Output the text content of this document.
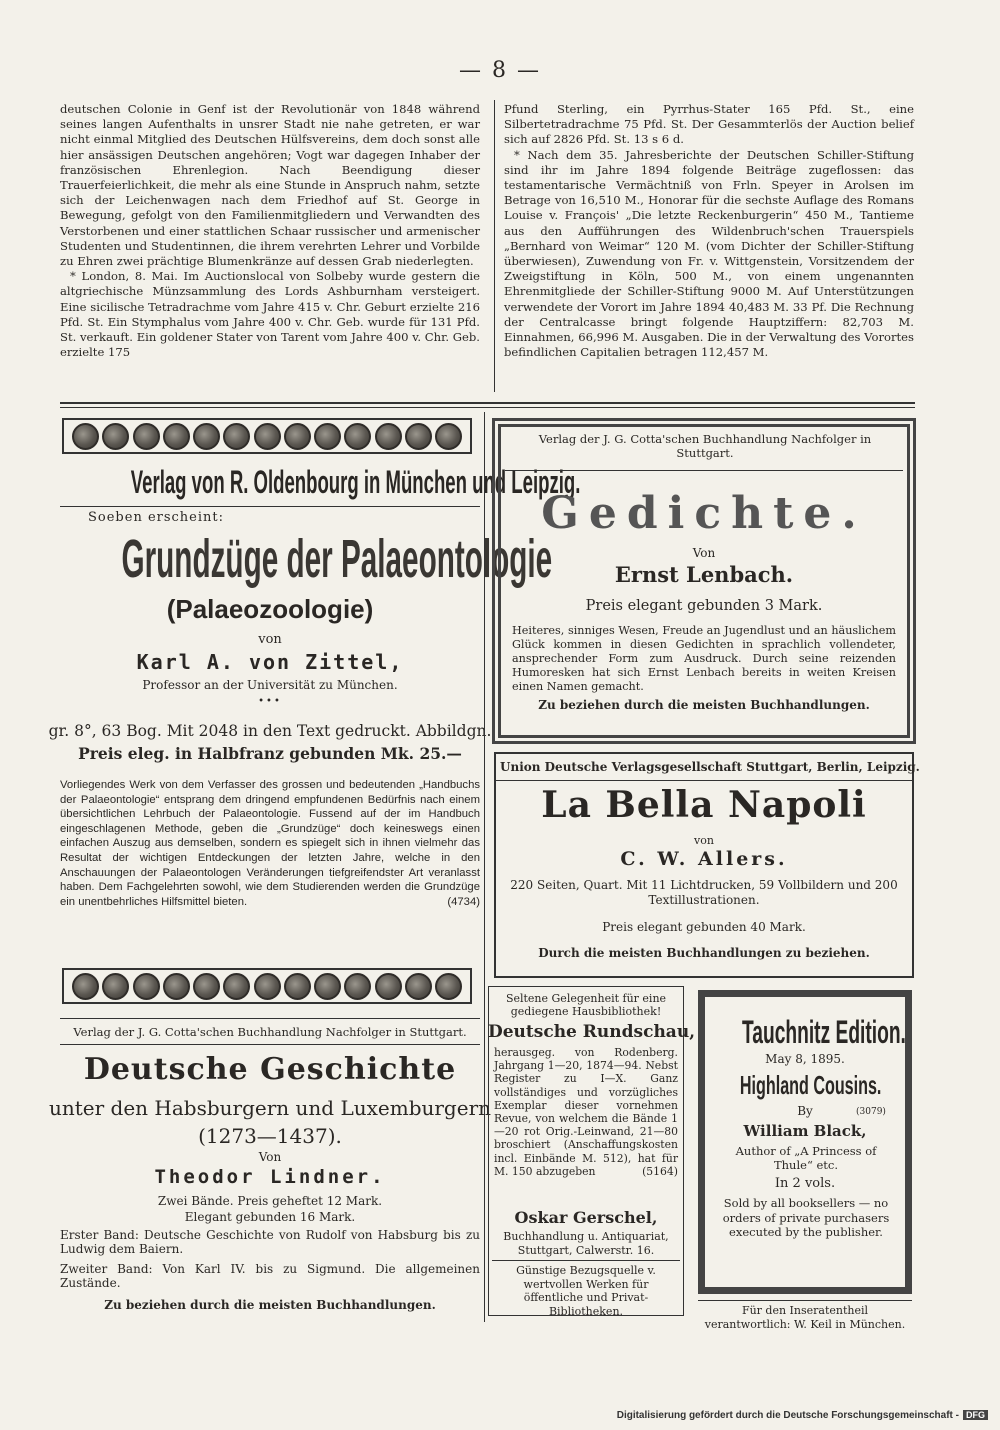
— 8 —

deutschen Colonie in Genf ist der Revolutionär von 1848 während seines langen Aufenthalts in unsrer Stadt nie nahe getreten, er war nicht einmal Mitglied des Deutschen Hülfsvereins, dem doch sonst alle hier ansässigen Deutschen angehören; Vogt war dagegen Inhaber der französischen Ehrenlegion. Nach Beendigung dieser Trauerfeierlichkeit, die mehr als eine Stunde in Anspruch nahm, setzte sich der Leichenwagen nach dem Friedhof auf St. George in Bewegung, gefolgt von den Familienmitgliedern und Verwandten des Verstorbenen und einer stattlichen Schaar russischer und armenischer Studenten und Studentinnen, die ihrem verehrten Lehrer und Vorbilde zu Ehren zwei prächtige Blumenkränze auf dessen Grab niederlegten.

* London, 8. Mai. Im Auctionslocal von Solbeby wurde gestern die altgriechische Münzsammlung des Lords Ashburnham versteigert. Eine sicilische Tetradrachme vom Jahre 415 v. Chr. Geburt erzielte 216 Pfd. St. Ein Stymphalus vom Jahre 400 v. Chr. Geb. wurde für 131 Pfd. St. verkauft. Ein goldener Stater von Tarent vom Jahre 400 v. Chr. Geb. erzielte 175

Pfund Sterling, ein Pyrrhus-Stater 165 Pfd. St., eine Silbertetradrachme 75 Pfd. St. Der Gesammterlös der Auction belief sich auf 2826 Pfd. St. 13 s 6 d.

* Nach dem 35. Jahresberichte der Deutschen Schiller-Stiftung sind ihr im Jahre 1894 folgende Beiträge zugeflossen: das testamentarische Vermächtniß von Frln. Speyer in Arolsen im Betrage von 16,510 M., Honorar für die sechste Auflage des Romans Louise v. François' „Die letzte Reckenburgerin“ 450 M., Tantieme aus den Aufführungen des Wildenbruch'schen Trauerspiels „Bernhard von Weimar“ 120 M. (vom Dichter der Schiller-Stiftung überwiesen), Zuwendung von Fr. v. Wittgenstein, Vorsitzendem der Zweigstiftung in Köln, 500 M., von einem ungenannten Ehrenmitgliede der Schiller-Stiftung 9000 M. Auf Unterstützungen verwendete der Vorort im Jahre 1894 40,483 M. 33 Pf. Die Rechnung der Centralcasse bringt folgende Hauptziffern: 82,703 M. Einnahmen, 66,996 M. Ausgaben. Die in der Verwaltung des Vorortes befindlichen Capitalien betragen 112,457 M.

Verlag von R. Oldenbourg in München und Leipzig.
Soeben erscheint:
Grundzüge der Palaeontologie
(Palaeozoologie)
von
Karl A. von Zittel,
Professor an der Universität zu München.
•••
gr. 8°, 63 Bog. Mit 2048 in den Text gedruckt. Abbildgn.
Preis eleg. in Halbfranz gebunden Mk. 25.—
Vorliegendes Werk von dem Verfasser des grossen und bedeutenden „Handbuchs der Palaeontologie“ entsprang dem dringend empfundenen Bedürfnis nach einem übersichtlichen Lehrbuch der Palaeontologie. Fussend auf der im Handbuch eingeschlagenen Methode, geben die „Grundzüge“ doch keineswegs einen einfachen Auszug aus demselben, sondern es spiegelt sich in ihnen vielmehr das Resultat der wichtigen Entdeckungen der letzten Jahre, welche in den Anschauungen der Palaeontologen Veränderungen tiefgreifendster Art veranlasst haben. Dem Fachgelehrten sowohl, wie dem Studierenden werden die Grundzüge ein unentbehrliches Hilfsmittel bieten.	(4734)
Verlag der J. G. Cotta'schen Buchhandlung Nachfolger in Stuttgart.
Deutsche Geschichte
unter den Habsburgern und Luxemburgern
(1273—1437).
Von
Theodor Lindner.
Zwei Bände. Preis geheftet 12 Mark.
Elegant gebunden 16 Mark.
Erster Band: Deutsche Geschichte von Rudolf von Habsburg bis zu Ludwig dem Baiern.
Zweiter Band: Von Karl IV. bis zu Sigmund. Die allgemeinen Zustände.
Zu beziehen durch die meisten Buchhandlungen.
Verlag der J. G. Cotta'schen Buchhandlung Nachfolger in Stuttgart.
Gedichte.
Von
Ernst Lenbach.
Preis elegant gebunden 3 Mark.
Heiteres, sinniges Wesen, Freude an Jugendlust und an häuslichem Glück kommen in diesen Gedichten in sprachlich vollendeter, ansprechender Form zum Ausdruck. Durch seine reizenden Humoresken hat sich Ernst Lenbach bereits in weiten Kreisen einen Namen gemacht.
Zu beziehen durch die meisten Buchhandlungen.
Union Deutsche Verlagsgesellschaft Stuttgart, Berlin, Leipzig.
La Bella Napoli
von
C. W. Allers.
220 Seiten, Quart. Mit 11 Lichtdrucken, 59 Vollbildern und 200 Textillustrationen.
Preis elegant gebunden 40 Mark.
Durch die meisten Buchhandlungen zu beziehen.
Seltene Gelegenheit für eine gediegene Hausbibliothek!
Deutsche Rundschau,
herausgeg. von Rodenberg. Jahrgang 1—20, 1874—94. Nebst Register zu I—X. Ganz vollständiges und vorzügliches Exemplar dieser vornehmen Revue, von welchem die Bände 1—20 rot Orig.-Leinwand, 21—80 broschiert (Anschaffungskosten incl. Einbände M. 512), hat für M. 150 abzugeben	(5164)
Oskar Gerschel,
Buchhandlung u. Antiquariat, Stuttgart, Calwerstr. 16.
Günstige Bezugsquelle v. wertvollen Werken für öffentliche und Privat-Bibliotheken.
Tauchnitz Edition.
May 8, 1895.
Highland Cousins.
By	(3079)
William Black,
Author of „A Princess of Thule“ etc.
In 2 vols.
Sold by all booksellers — no orders of private purchasers executed by the publisher.
Für den Inseratentheil verantwortlich: W. Keil in München.
Digitalisierung gefördert durch die Deutsche Forschungsgemeinschaft - DFG
